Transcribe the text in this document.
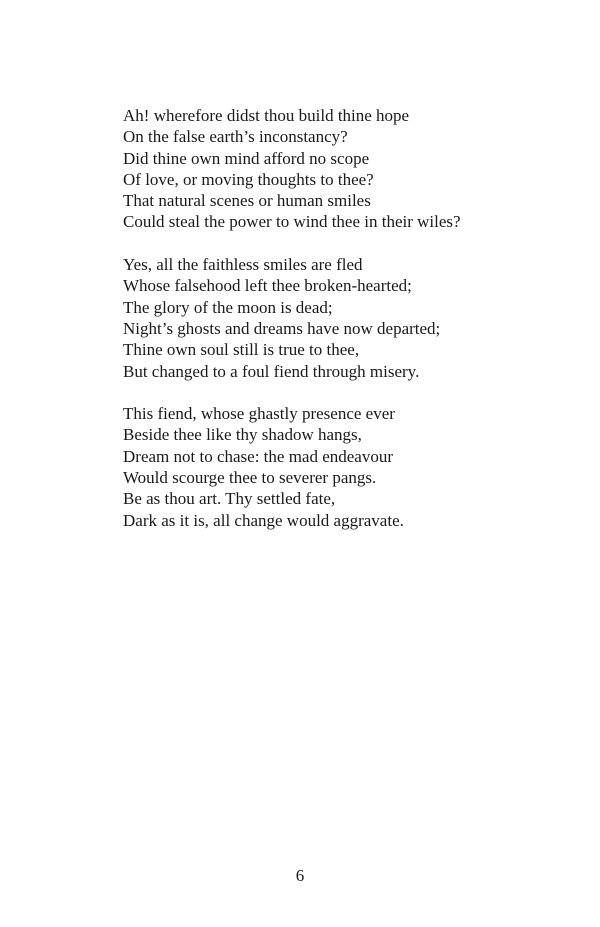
Ah! wherefore didst thou build thine hope
On the false earth’s inconstancy?
Did thine own mind afford no scope
Of love, or moving thoughts to thee?
That natural scenes or human smiles
Could steal the power to wind thee in their wiles?
Yes, all the faithless smiles are fled
Whose falsehood left thee broken-hearted;
The glory of the moon is dead;
Night’s ghosts and dreams have now departed;
Thine own soul still is true to thee,
But changed to a foul fiend through misery.
This fiend, whose ghastly presence ever
Beside thee like thy shadow hangs,
Dream not to chase: the mad endeavour
Would scourge thee to severer pangs.
Be as thou art. Thy settled fate,
Dark as it is, all change would aggravate.
6
